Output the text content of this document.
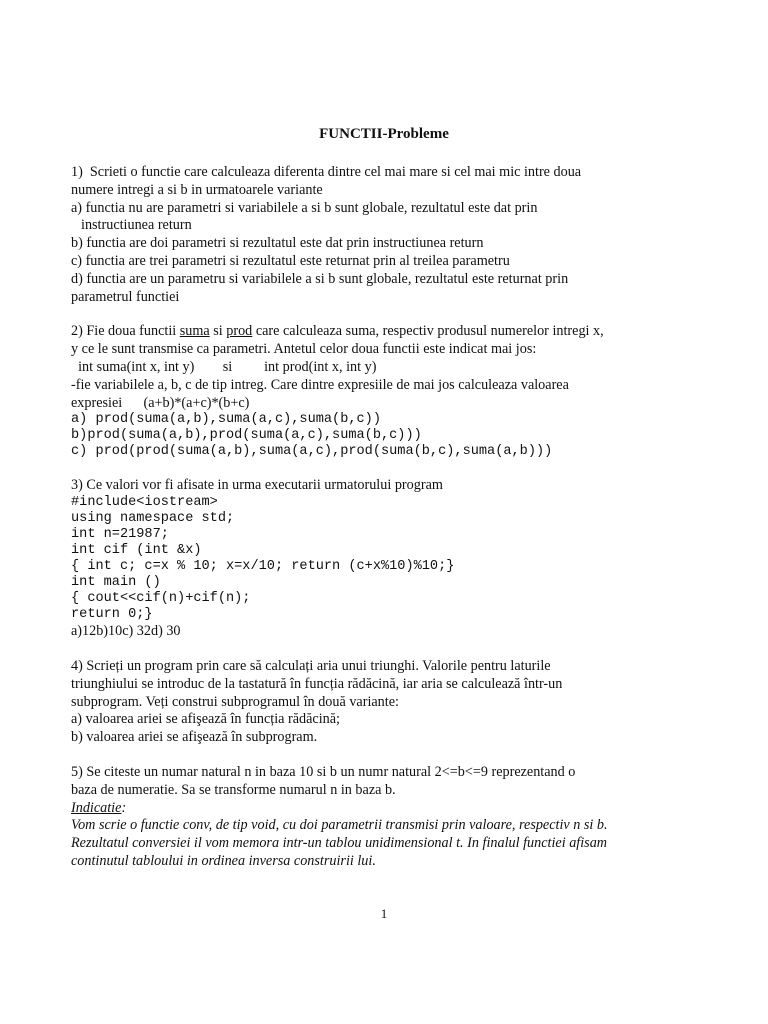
FUNCTII-Probleme
1)  Scrieti o functie care calculeaza diferenta dintre cel mai mare si cel mai mic intre doua
numere intregi a si b in urmatoarele variante
a) functia nu are parametri si variabilele a si b sunt globale, rezultatul este dat prin
instructiunea return
b) functia are doi parametri si rezultatul este dat prin instructiunea return
c) functia are trei parametri si rezultatul este returnat prin al treilea parametru
d) functia are un parametru si variabilele a si b sunt globale, rezultatul este returnat prin
parametrul functiei
2) Fie doua functii suma si prod care calculeaza suma, respectiv produsul numerelor intregi x,
y ce le sunt transmise ca parametri. Antetul celor doua functii este indicat mai jos:
int suma(int x, int y)        si         int prod(int x, int y)
-fie variabilele a, b, c de tip intreg. Care dintre expresiile de mai jos calculeaza valoarea
expresiei      (a+b)*(a+c)*(b+c)
a) prod(suma(a,b),suma(a,c),suma(b,c))
b)prod(suma(a,b),prod(suma(a,c),suma(b,c)))
c) prod(prod(suma(a,b),suma(a,c),prod(suma(b,c),suma(a,b)))
3) Ce valori vor fi afisate in urma executarii urmatorului program
#include<iostream>
using namespace std;
int n=21987;
int cif (int &x)
{ int c; c=x % 10; x=x/10; return (c+x%10)%10;}
int main ()
{ cout<<cif(n)+cif(n);
return 0;}
a)12b)10c) 32d) 30
4) Scrieți un program prin care să calculați aria unui triunghi. Valorile pentru laturile
triunghiului se introduc de la tastatură în funcția rădăcină, iar aria se calculează într-un
subprogram. Veți construi subprogramul în două variante:
a) valoarea ariei se afişează în funcția rădăcină;
b) valoarea ariei se afişează în subprogram.
5) Se citeste un numar natural n in baza 10 si b un numr natural 2<=b<=9 reprezentand o
baza de numeratie. Sa se transforme numarul n in baza b.
Indicatie:
Vom scrie o functie conv, de tip void, cu doi parametrii transmisi prin valoare, respectiv n si b.
Rezultatul conversiei il vom memora intr-un tablou unidimensional t. In finalul functiei afisam
continutul tabloului in ordinea inversa construirii lui.
1
